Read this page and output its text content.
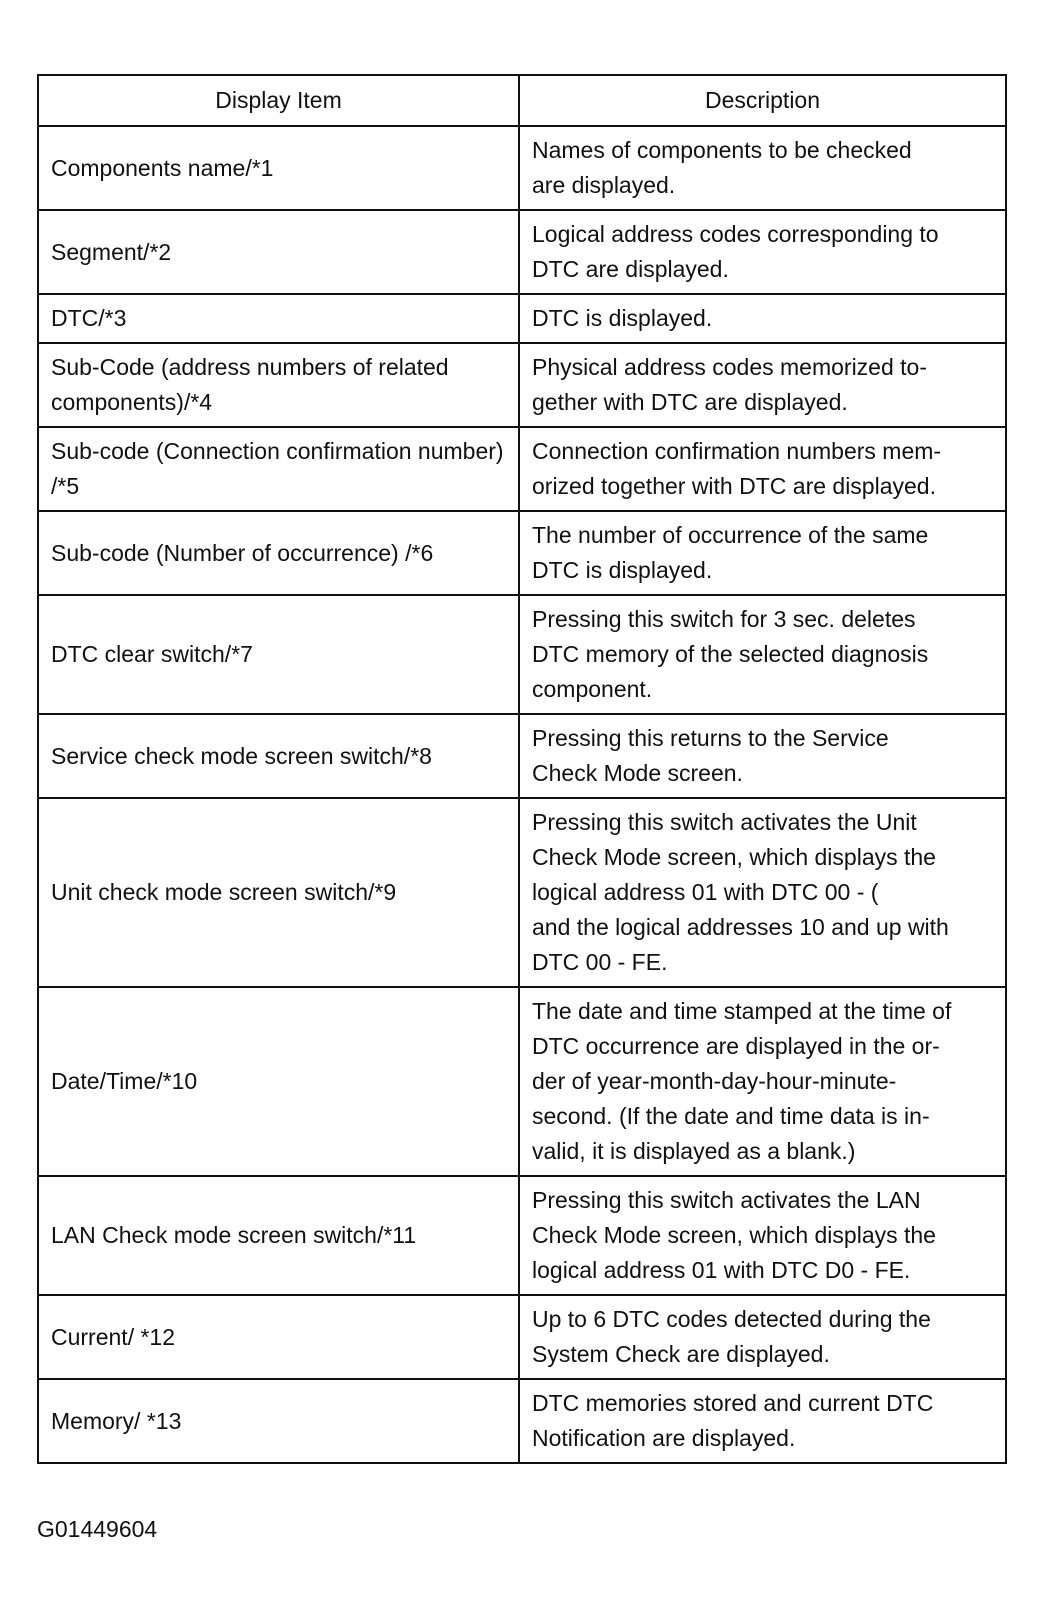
Display Item	Description
Components name/*1	Names of components to be checked
are displayed.
Segment/*2	Logical address codes corresponding to
DTC are displayed.
DTC/*3	DTC is displayed.
Sub-Code (address numbers of related components)/*4	Physical address codes memorized to-
gether with DTC are displayed.
Sub-code (Connection confirmation number) /*5	Connection confirmation numbers mem-
orized together with DTC are displayed.
Sub-code (Number of occurrence) /*6	The number of occurrence of the same
DTC is displayed.
DTC clear switch/*7	Pressing this switch for 3 sec. deletes
DTC memory of the selected diagnosis
component.
Service check mode screen switch/*8	Pressing this returns to the Service
Check Mode screen.
Unit check mode screen switch/*9	Pressing this switch activates the Unit
Check Mode screen, which displays the
logical address 01 with DTC 00 - (
and the logical addresses 10 and up with
DTC 00 - FE.
Date/Time/*10	The date and time stamped at the time of
DTC occurrence are displayed in the or-
der of year-month-day-hour-minute-
second. (If the date and time data is in-
valid, it is displayed as a blank.)
LAN Check mode screen switch/*11	Pressing this switch activates the LAN
Check Mode screen, which displays the
logical address 01 with DTC D0 - FE.
Current/ *12	Up to 6 DTC codes detected during the
System Check are displayed.
Memory/ *13	DTC memories stored and current DTC
Notification are displayed.
G01449604
